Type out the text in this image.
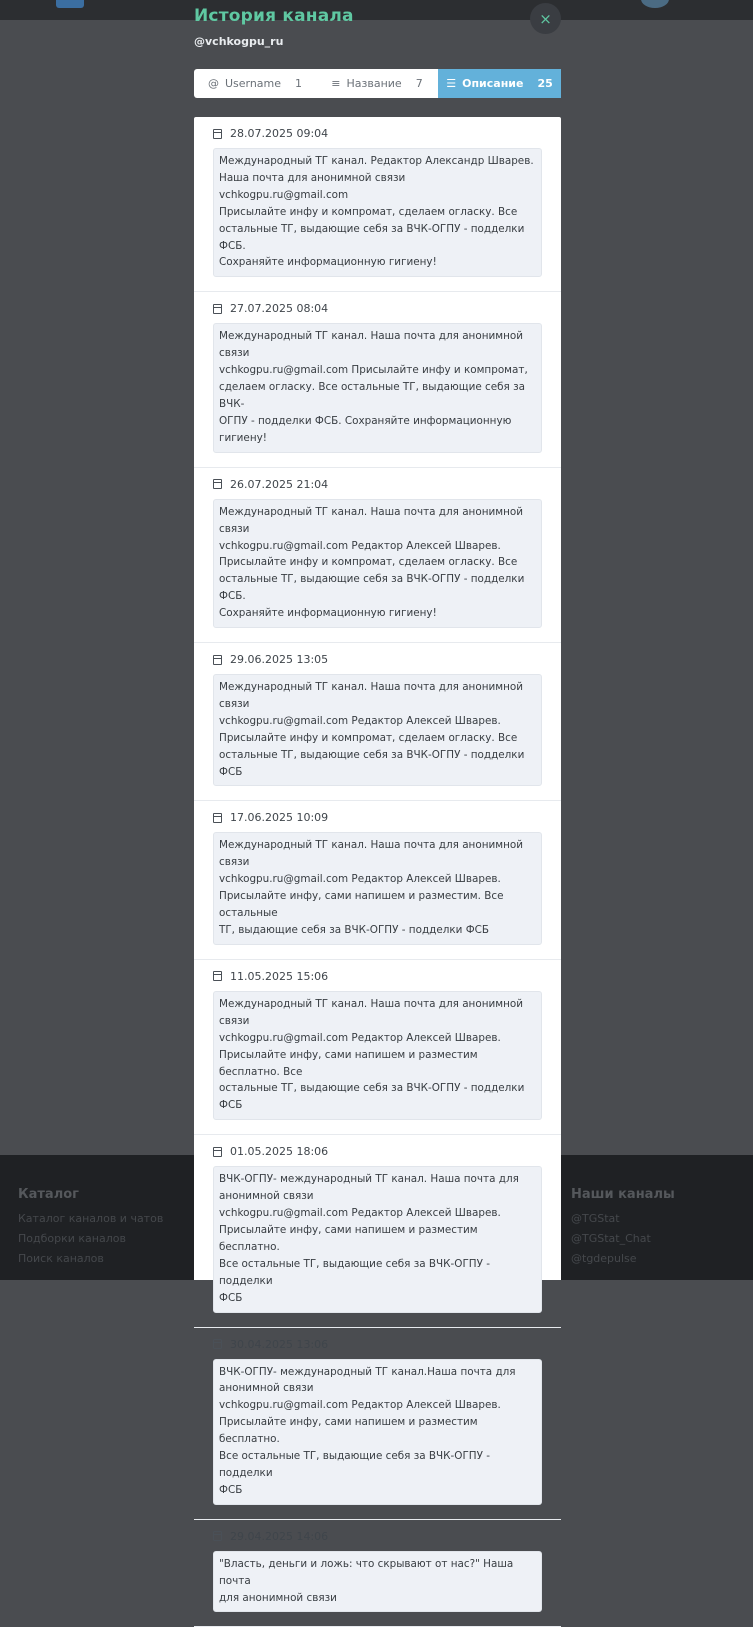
Каталог
Каталог каналов и чатов
Подборки каналов
Поиск каналов
Наши каналы
@TGStat
@TGStat_Chat
@tgdepulse
История канала
@vchkogpu_ru
×
@ Username 1	≡ Название 7 ☰ Описание 25
28.07.2025 09:04
Международный ТГ канал. Редактор Александр Шварев.
Наша почта для анонимной связи vchkogpu.ru@gmail.com
Присылайте инфу и компромат, сделаем огласку. Все
остальные ТГ, выдающие себя за ВЧК-ОГПУ - подделки ФСБ.
Сохраняйте информационную гигиену!
27.07.2025 08:04
Международный ТГ канал. Наша почта для анонимной связи
vchkogpu.ru@gmail.com Присылайте инфу и компромат,
сделаем огласку. Все остальные ТГ, выдающие себя за ВЧК-
ОГПУ - подделки ФСБ. Сохраняйте информационную
гигиену!
26.07.2025 21:04
Международный ТГ канал. Наша почта для анонимной связи
vchkogpu.ru@gmail.com Редактор Алексей Шварев.
Присылайте инфу и компромат, сделаем огласку. Все
остальные ТГ, выдающие себя за ВЧК-ОГПУ - подделки ФСБ.
Сохраняйте информационную гигиену!
29.06.2025 13:05
Международный ТГ канал. Наша почта для анонимной связи
vchkogpu.ru@gmail.com Редактор Алексей Шварев.
Присылайте инфу и компромат, сделаем огласку. Все
остальные ТГ, выдающие себя за ВЧК-ОГПУ - подделки ФСБ
17.06.2025 10:09
Международный ТГ канал. Наша почта для анонимной связи
vchkogpu.ru@gmail.com Редактор Алексей Шварев.
Присылайте инфу, сами напишем и разместим. Все остальные
ТГ, выдающие себя за ВЧК-ОГПУ - подделки ФСБ
11.05.2025 15:06
Международный ТГ канал. Наша почта для анонимной связи
vchkogpu.ru@gmail.com Редактор Алексей Шварев.
Присылайте инфу, сами напишем и разместим бесплатно. Все
остальные ТГ, выдающие себя за ВЧК-ОГПУ - подделки ФСБ
01.05.2025 18:06
ВЧК-ОГПУ- международный ТГ канал. Наша почта для
анонимной связи
vchkogpu.ru@gmail.com Редактор Алексей Шварев.
Присылайте инфу, сами напишем и разместим бесплатно.
Все остальные ТГ, выдающие себя за ВЧК-ОГПУ - подделки
ФСБ
30.04.2025 13:06
ВЧК-ОГПУ- международный ТГ канал.Наша почта для
анонимной связи
vchkogpu.ru@gmail.com Редактор Алексей Шварев.
Присылайте инфу, сами напишем и разместим бесплатно.
Все остальные ТГ, выдающие себя за ВЧК-ОГПУ - подделки
ФСБ
29.04.2025 14:06
"Власть, деньги и ложь: что скрывают от нас?" Наша почта
для анонимной связи
